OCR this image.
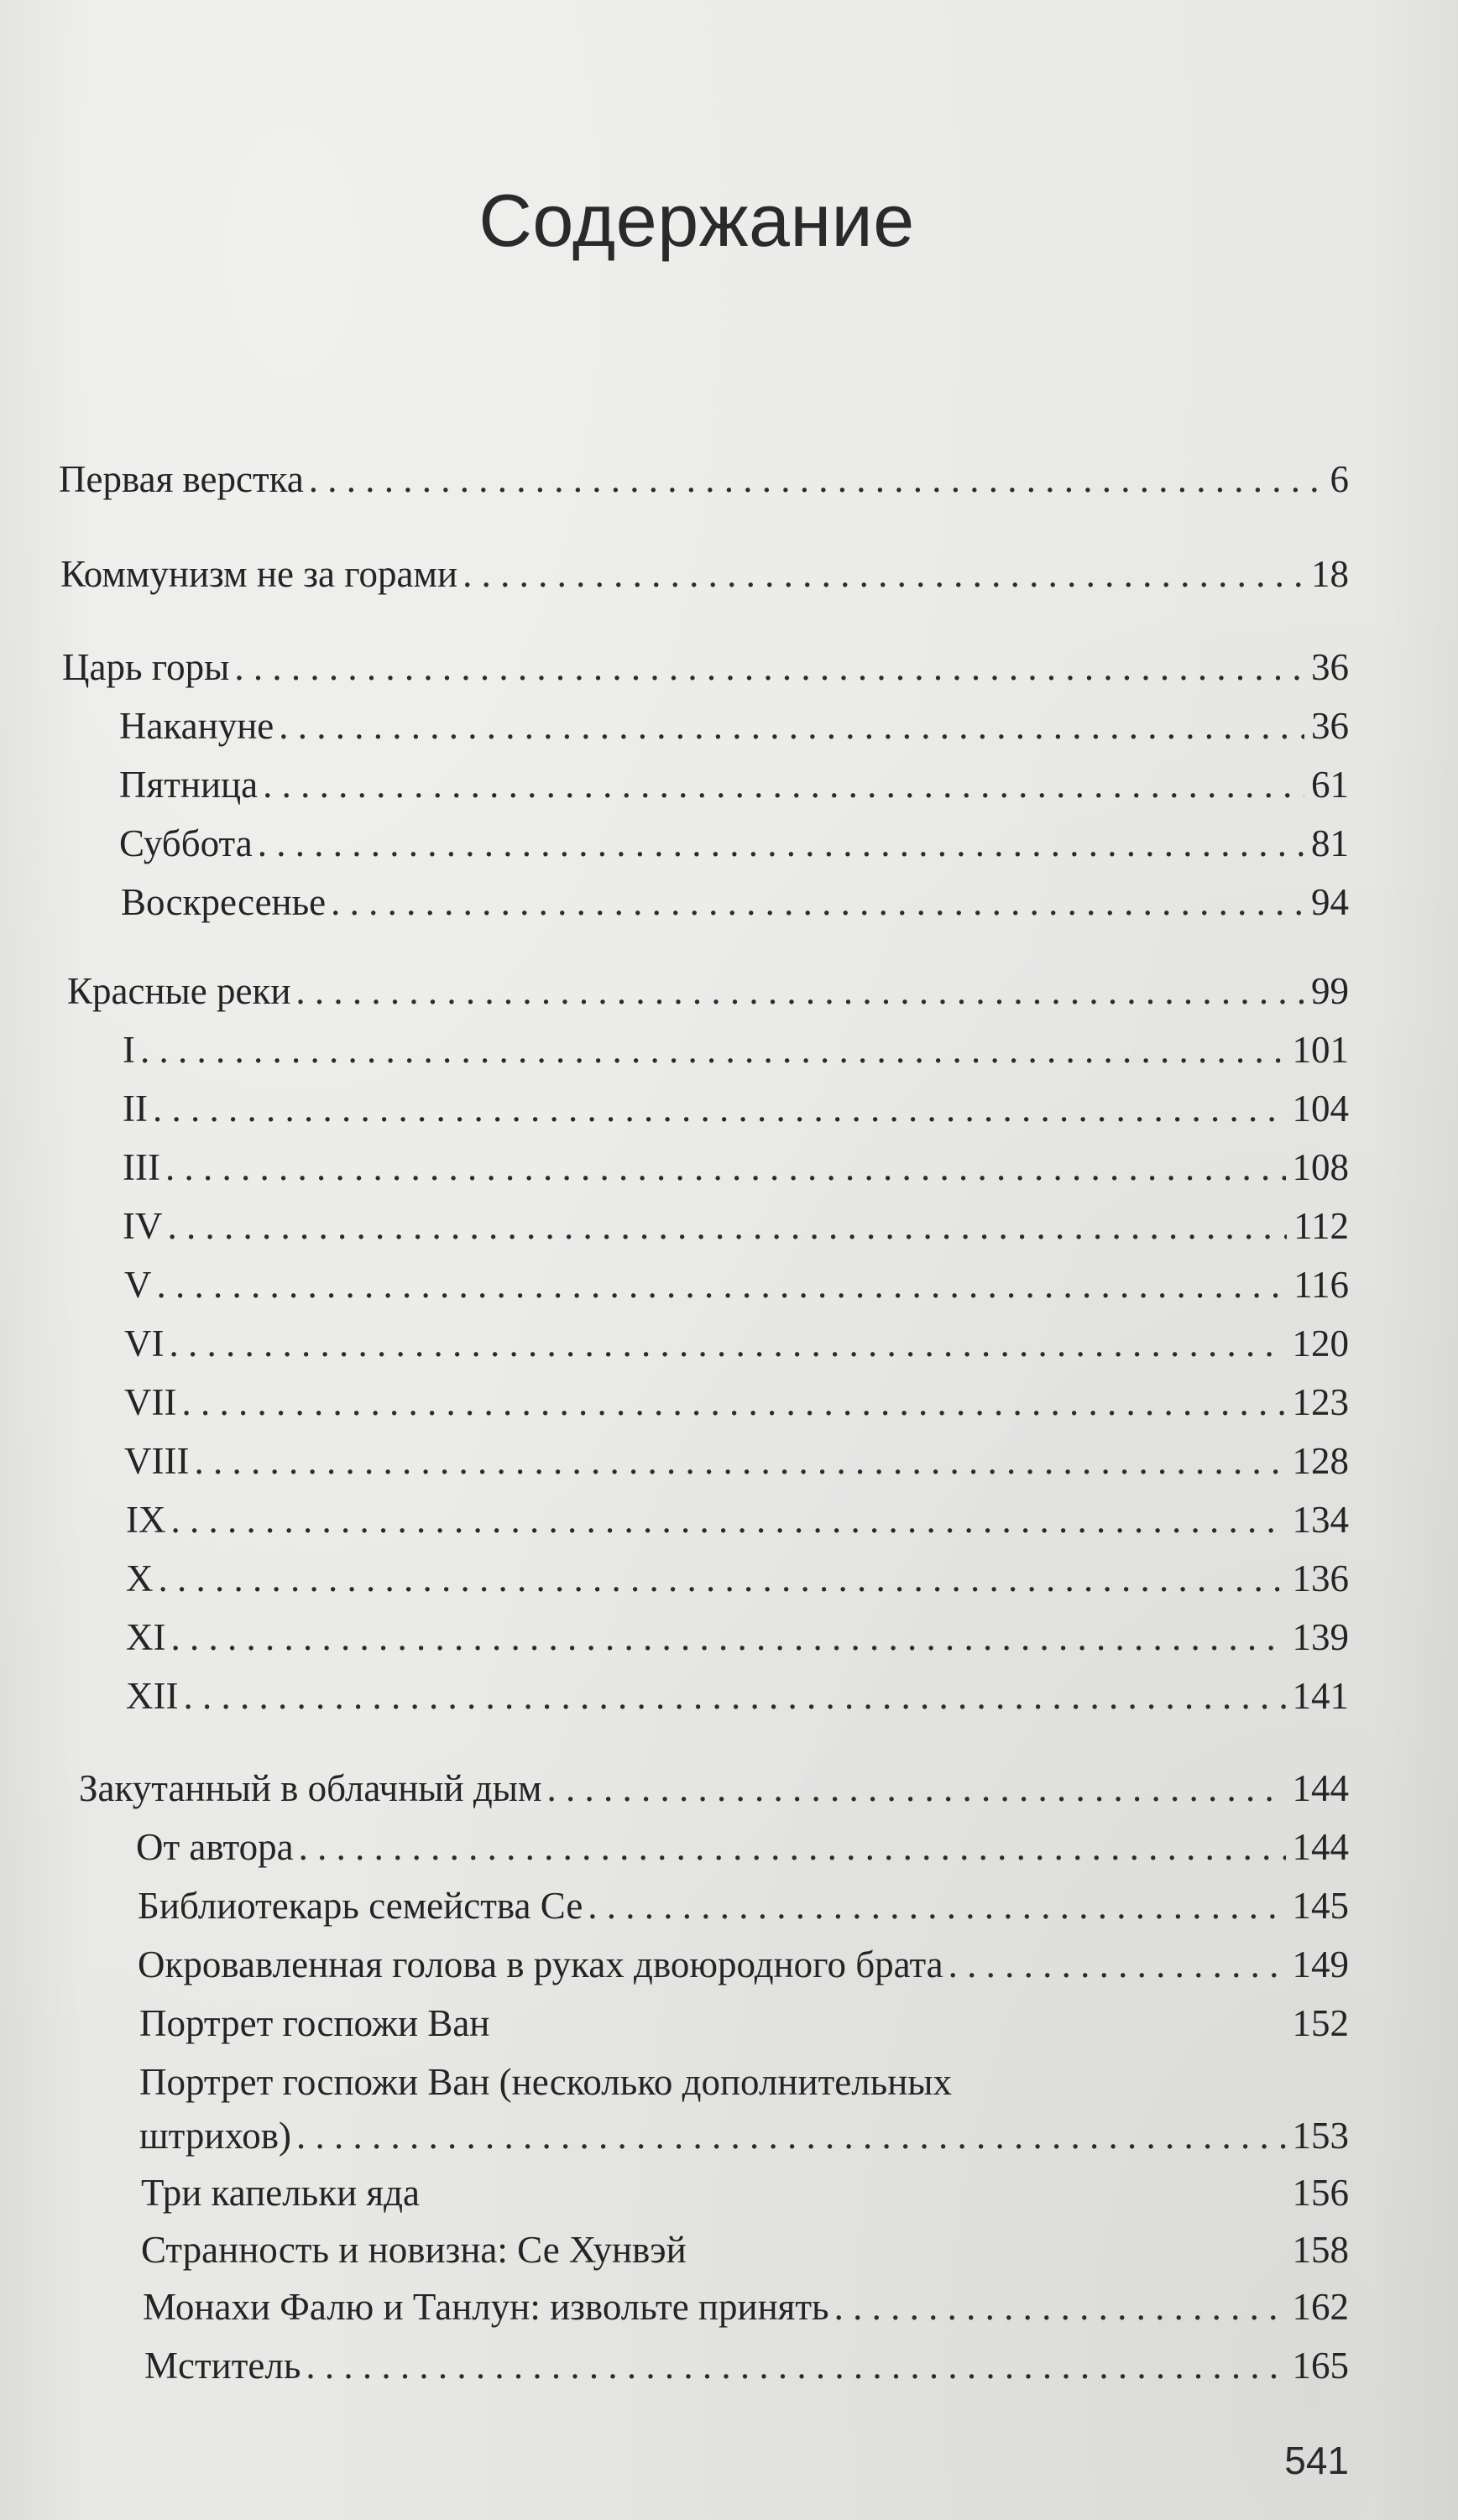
Содержание
Первая верстка . . .	6
Коммунизм не за горами . . .	18
Царь горы . . .	36
Накануне . . .	36
Пятница . . .	61
Суббота . . .	81
Воскресенье . . .	94
Красные реки . . .	99
I . . .	101
II . . .	104
III . . .	108
IV . . .	112
V . . .	116
VI . . .	120
VII . . .	123
VIII . . .	128
IX . . .	134
X . . .	136
XI . . .	139
XII . . .	141
Закутанный в облачный дым . . .	144
От автора . . .	144
Библиотекарь семейства Се . . .	145
Окровавленная голова в руках двоюродного брата . . .	149
Портрет госпожи Ван	152
Портрет госпожи Ван (несколько дополнительных
штрихов) . . .	153
Три капельки яда	156
Странность и новизна: Се Хунвэй	158
Монахи Фалю и Танлун: извольте принять . . .	162
Мститель . . .	165
541
